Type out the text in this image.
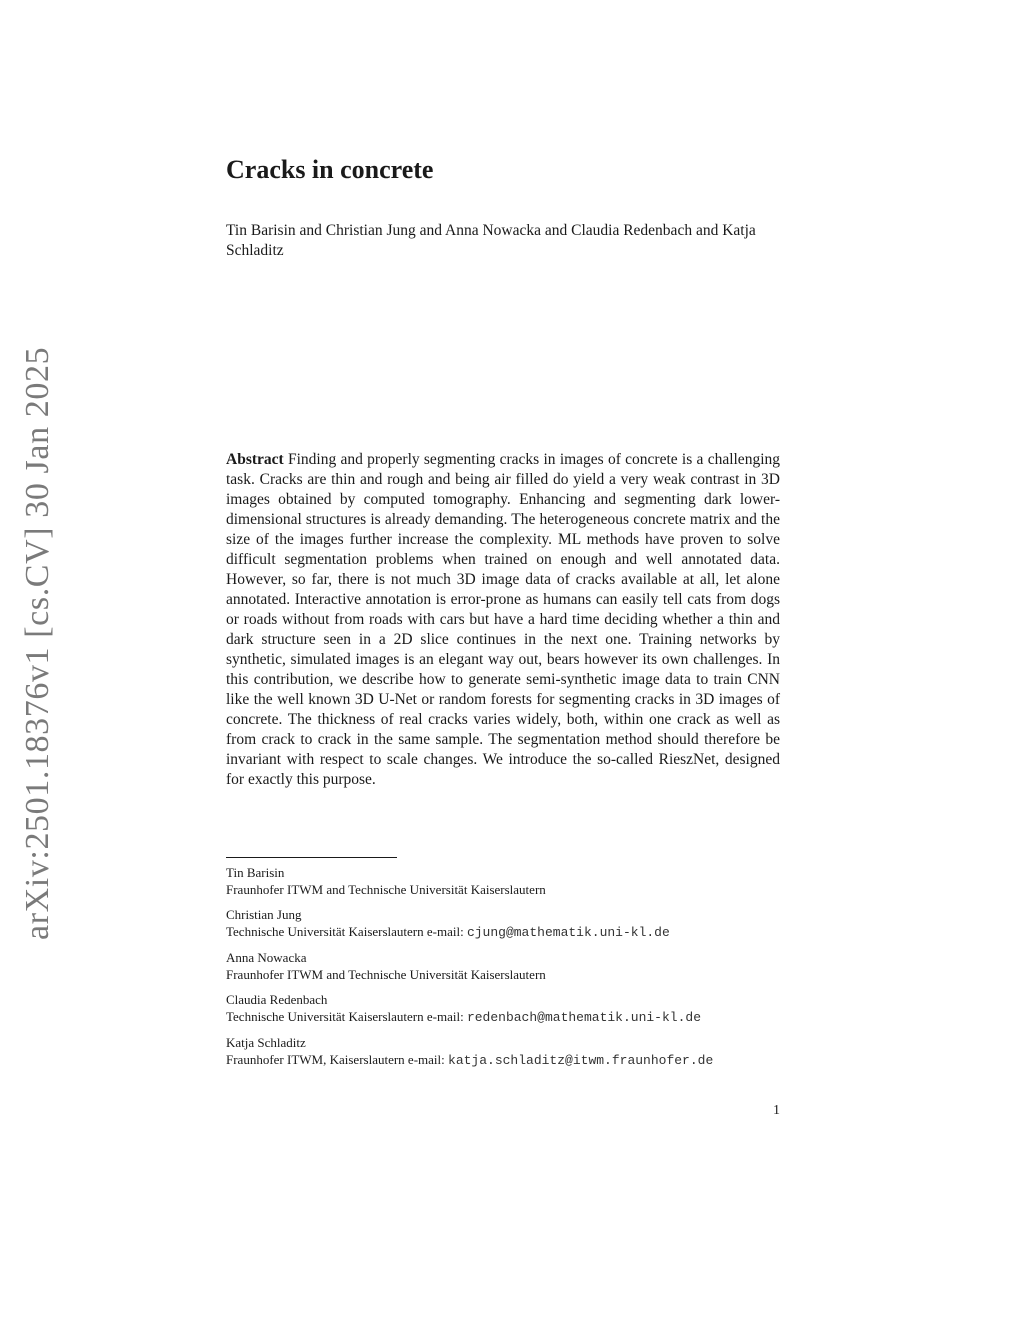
arXiv:2501.18376v1 [cs.CV] 30 Jan 2025
Cracks in concrete
Tin Barisin and Christian Jung and Anna Nowacka and Claudia Redenbach and Katja Schladitz
Abstract Finding and properly segmenting cracks in images of concrete is a challenging task. Cracks are thin and rough and being air filled do yield a very weak contrast in 3D images obtained by computed tomography. Enhancing and segmenting dark lower-dimensional structures is already demanding. The heterogeneous concrete matrix and the size of the images further increase the complexity. ML methods have proven to solve difficult segmentation problems when trained on enough and well annotated data. However, so far, there is not much 3D image data of cracks available at all, let alone annotated. Interactive annotation is error-prone as humans can easily tell cats from dogs or roads without from roads with cars but have a hard time deciding whether a thin and dark structure seen in a 2D slice continues in the next one. Training networks by synthetic, simulated images is an elegant way out, bears however its own challenges. In this contribution, we describe how to generate semi-synthetic image data to train CNN like the well known 3D U-Net or random forests for segmenting cracks in 3D images of concrete. The thickness of real cracks varies widely, both, within one crack as well as from crack to crack in the same sample. The segmentation method should therefore be invariant with respect to scale changes. We introduce the so-called RieszNet, designed for exactly this purpose.
Tin Barisin
Fraunhofer ITWM and Technische Universität Kaiserslautern
Christian Jung
Technische Universität Kaiserslautern e-mail: cjung@mathematik.uni-kl.de
Anna Nowacka
Fraunhofer ITWM and Technische Universität Kaiserslautern
Claudia Redenbach
Technische Universität Kaiserslautern e-mail: redenbach@mathematik.uni-kl.de
Katja Schladitz
Fraunhofer ITWM, Kaiserslautern e-mail: katja.schladitz@itwm.fraunhofer.de
1
